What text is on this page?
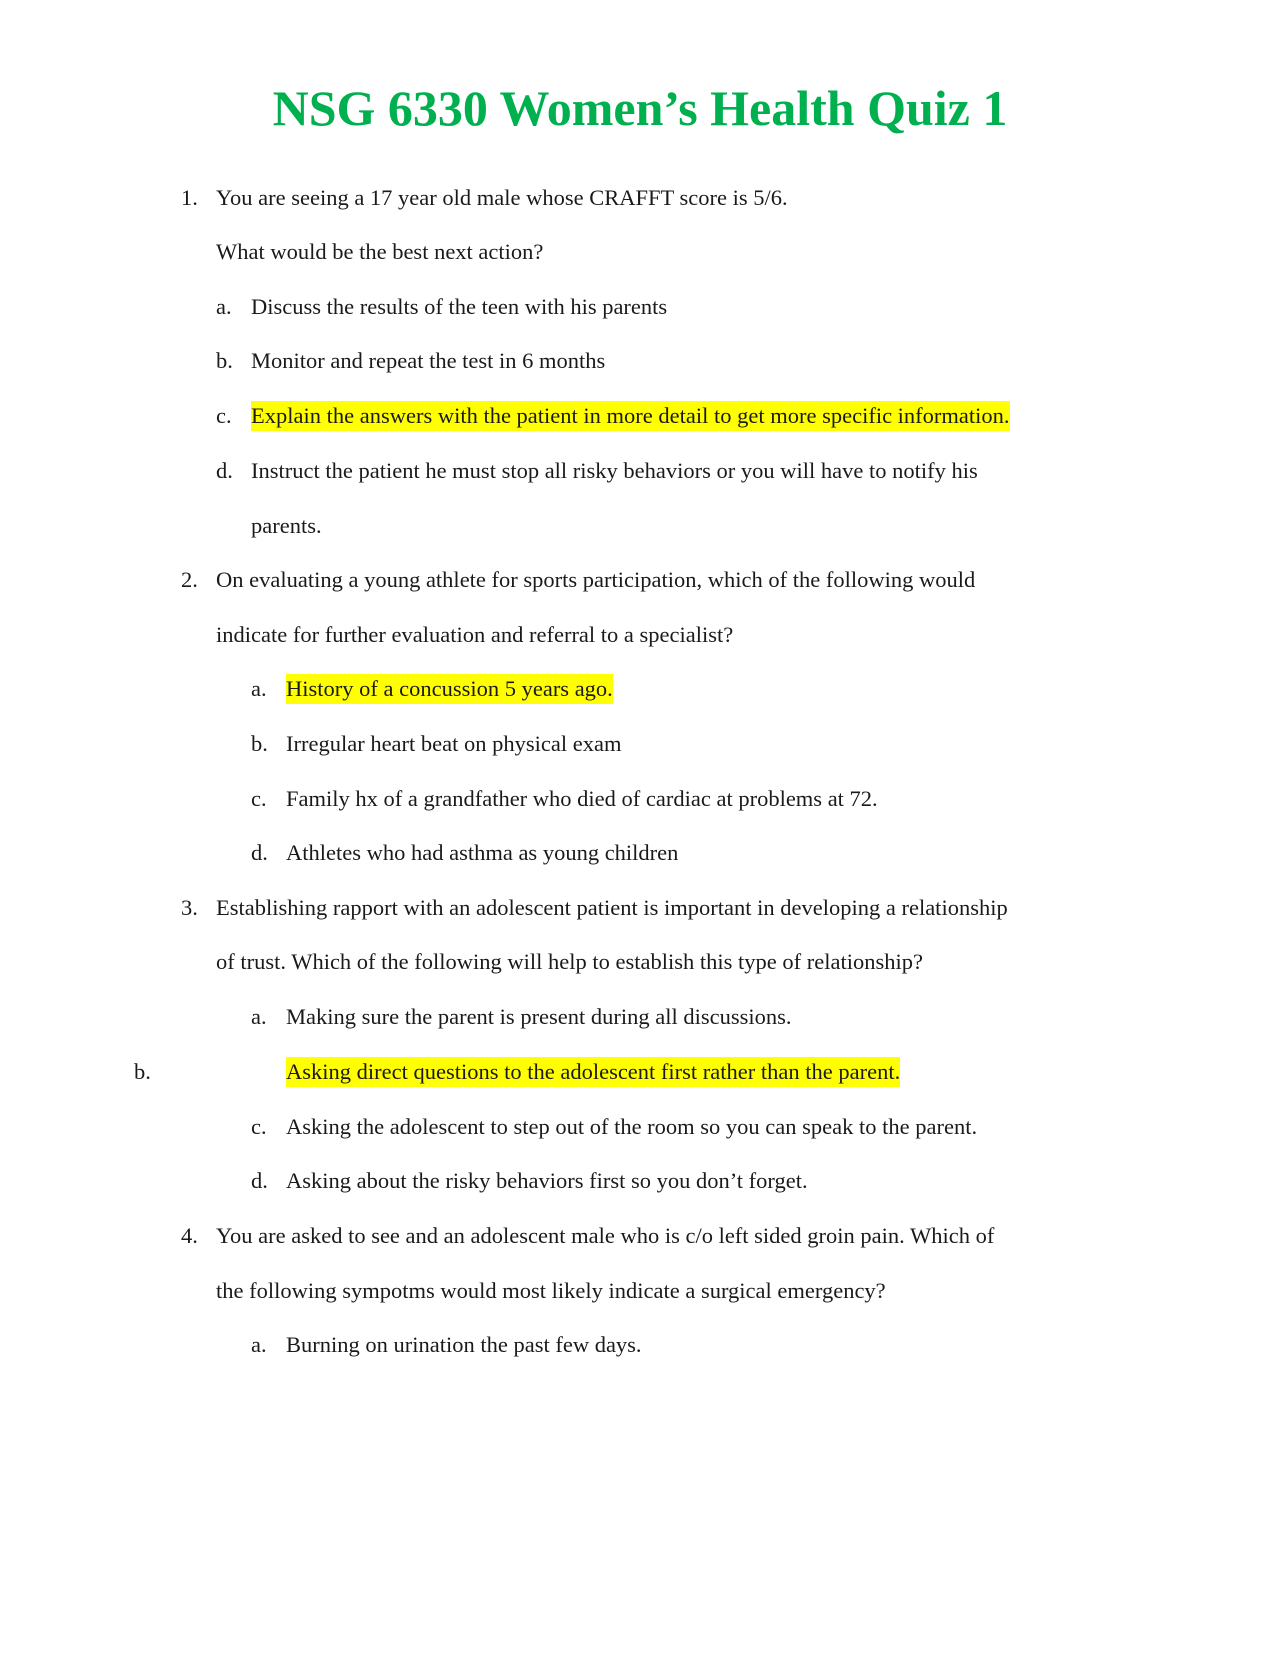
NSG 6330 Women’s Health Quiz 1
1. You are seeing a 17 year old male whose CRAFFT score is 5/6.
What would be the best next action?
a. Discuss the results of the teen with his parents
b. Monitor and repeat the test in 6 months
c. Explain the answers with the patient in more detail to get more specific information.
d. Instruct the patient he must stop all risky behaviors or you will have to notify his
parents.
2. On evaluating a young athlete for sports participation, which of the following would
indicate for further evaluation and referral to a specialist?
a. History of a concussion 5 years ago.
b. Irregular heart beat on physical exam
c. Family hx of a grandfather who died of cardiac at problems at 72.
d. Athletes who had asthma as young children
3. Establishing rapport with an adolescent patient is important in developing a relationship
of trust. Which of the following will help to establish this type of relationship?
a. Making sure the parent is present during all discussions.
b.	Asking direct questions to the adolescent first rather than the parent.
c. Asking the adolescent to step out of the room so you can speak to the parent.
d. Asking about the risky behaviors first so you don’t forget.
4. You are asked to see and an adolescent male who is c/o left sided groin pain. Which of
the following sympotms would most likely indicate a surgical emergency?
a. Burning on urination the past few days.
